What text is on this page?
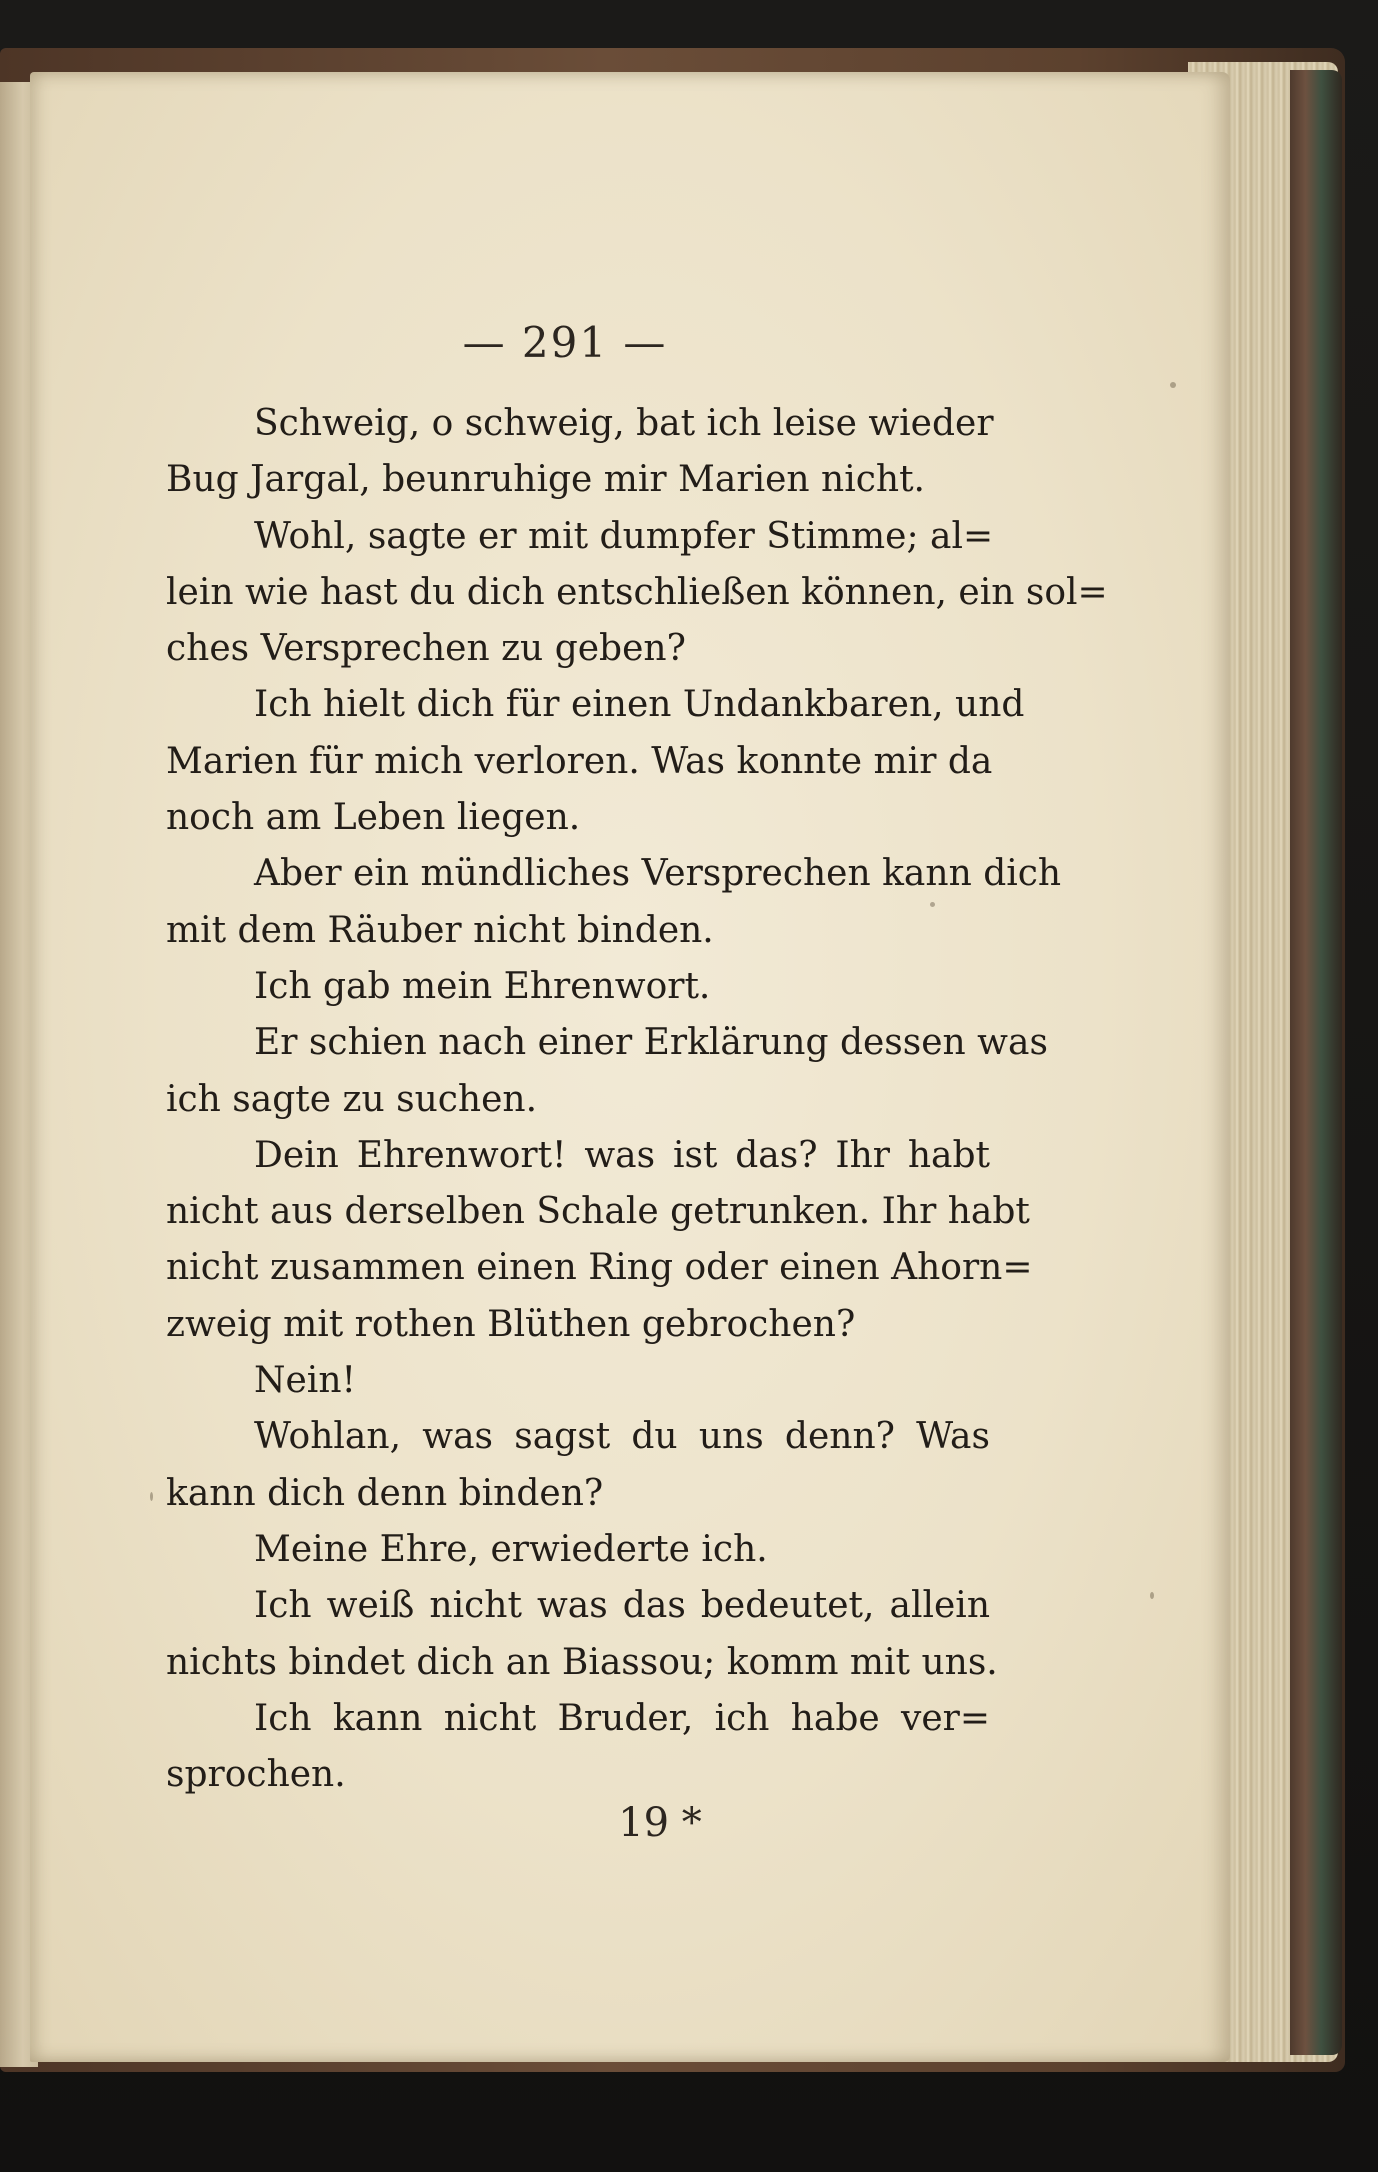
— 291 —
Schweig, o schweig, bat ich leise wieder
Bug Jargal, beunruhige mir Marien nicht.
Wohl, sagte er mit dumpfer Stimme; al=
lein wie hast du dich entschließen können, ein sol=
ches Versprechen zu geben?
Ich hielt dich für einen Undankbaren, und
Marien für mich verloren. Was konnte mir da
noch am Leben liegen.
Aber ein mündliches Versprechen kann dich
mit dem Räuber nicht binden.
Ich gab mein Ehrenwort.
Er schien nach einer Erklärung dessen was
ich sagte zu suchen.
Dein Ehrenwort! was ist das? Ihr habt
nicht aus derselben Schale getrunken. Ihr habt
nicht zusammen einen Ring oder einen Ahorn=
zweig mit rothen Blüthen gebrochen?
Nein!
Wohlan, was sagst du uns denn? Was
kann dich denn binden?
Meine Ehre, erwiederte ich.
Ich weiß nicht was das bedeutet, allein
nichts bindet dich an Biassou; komm mit uns.
Ich kann nicht Bruder, ich habe ver=
sprochen.
19 *
